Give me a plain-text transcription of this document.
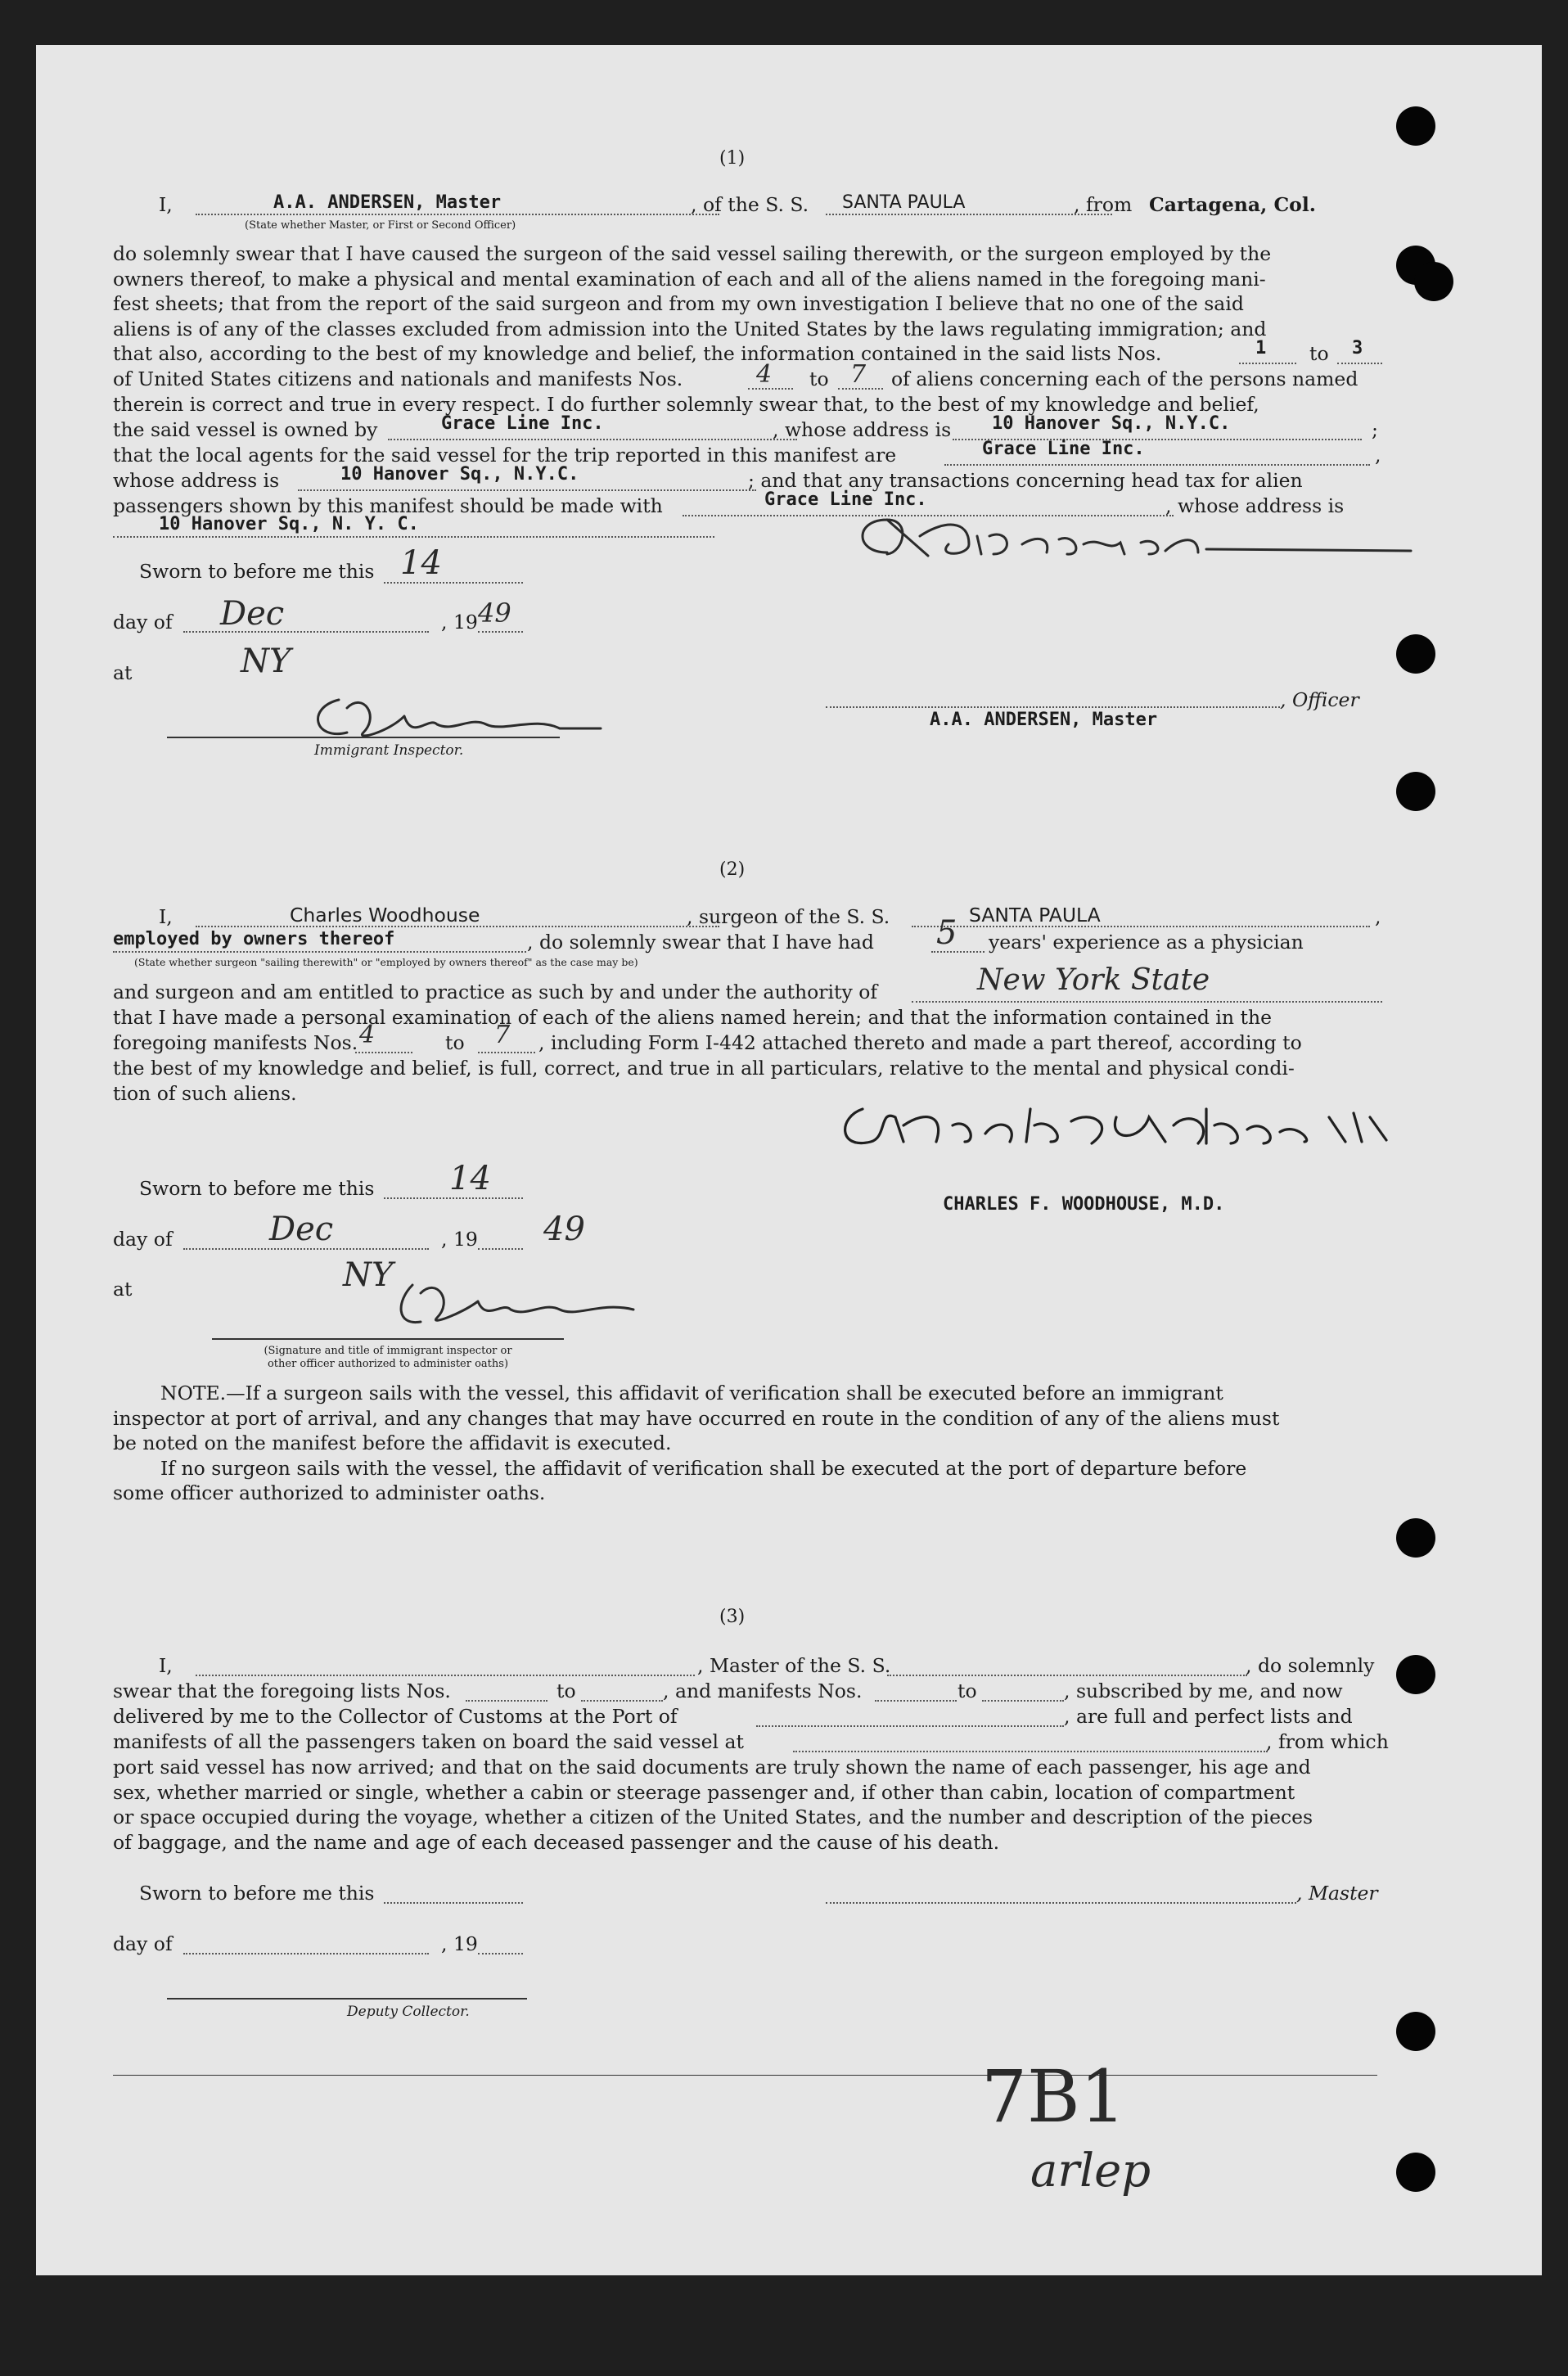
(1)
I,	A.A. ANDERSEN, Master	, of the S. S. SANTA PAULA	, from Cartagena, Col.
(State whether Master, or First or Second Officer)
do solemnly swear that I have caused the surgeon of the said vessel sailing therewith, or the surgeon employed by the
owners thereof, to make a physical and mental examination of each and all of the aliens named in the foregoing mani-
fest sheets; that from the report of the said surgeon and from my own investigation I believe that no one of the said
aliens is of any of the classes excluded from admission into the United States by the laws regulating immigration; and
that also, according to the best of my knowledge and belief, the information contained in the said lists Nos.	1 to 3
of United States citizens and nationals and manifests Nos.	4 to 7 of aliens concerning each of the persons named
therein is correct and true in every respect. I do further solemnly swear that, to the best of my knowledge and belief,
the said vessel is owned by	Grace Line Inc.	, whose address is 10 Hanover Sq., N.Y.C.	;
that the local agents for the said vessel for the trip reported in this manifest are	Grace Line Inc.	,
whose address is	10 Hanover Sq., N.Y.C.	; and that any transactions concerning head tax for alien
passengers shown by this manifest should be made with	Grace Line Inc.	, whose address is
10 Hanover Sq., N. Y. C.
Sworn to before me this 14
day of Dec	, 19 49
at	NY
Immigrant Inspector.
, Officer
A.A. ANDERSEN, Master
(2)
I,	Charles Woodhouse	, surgeon of the S. S.	SANTA PAULA	,
employed by owners thereof	, do solemnly swear that I have had 5 years' experience as a physician
(State whether surgeon "sailing therewith" or "employed by owners thereof" as the case may be)
and surgeon and am entitled to practice as such by and under the authority of	New York State
that I have made a personal examination of each of the aliens named herein; and that the information contained in the
foregoing manifests Nos. 4	to 7 , including Form I-442 attached thereto and made a part thereof, according to
the best of my knowledge and belief, is full, correct, and true in all particulars, relative to the mental and physical condi-
tion of such aliens.
CHARLES F. WOODHOUSE, M.D.
Sworn to before me this 14
day of	Dec	, 19 49
at	NY
(Signature and title of immigrant inspector or
other officer authorized to administer oaths)
NOTE.—If a surgeon sails with the vessel, this affidavit of verification shall be executed before an immigrant
inspector at port of arrival, and any changes that may have occurred en route in the condition of any of the aliens must
be noted on the manifest before the affidavit is executed.
If no surgeon sails with the vessel, the affidavit of verification shall be executed at the port of departure before
some officer authorized to administer oaths.
(3)
I,	, Master of the S. S.	, do solemnly
swear that the foregoing lists Nos.	to	, and manifests Nos.	to	, subscribed by me, and now
delivered by me to the Collector of Customs at the Port of	, are full and perfect lists and
manifests of all the passengers taken on board the said vessel at	, from which
port said vessel has now arrived; and that on the said documents are truly shown the name of each passenger, his age and
sex, whether married or single, whether a cabin or steerage passenger and, if other than cabin, location of compartment
or space occupied during the voyage, whether a citizen of the United States, and the number and description of the pieces
of baggage, and the name and age of each deceased passenger and the cause of his death.
Sworn to before me this	, Master
day of	, 19
Deputy Collector.
7B1
arlep
